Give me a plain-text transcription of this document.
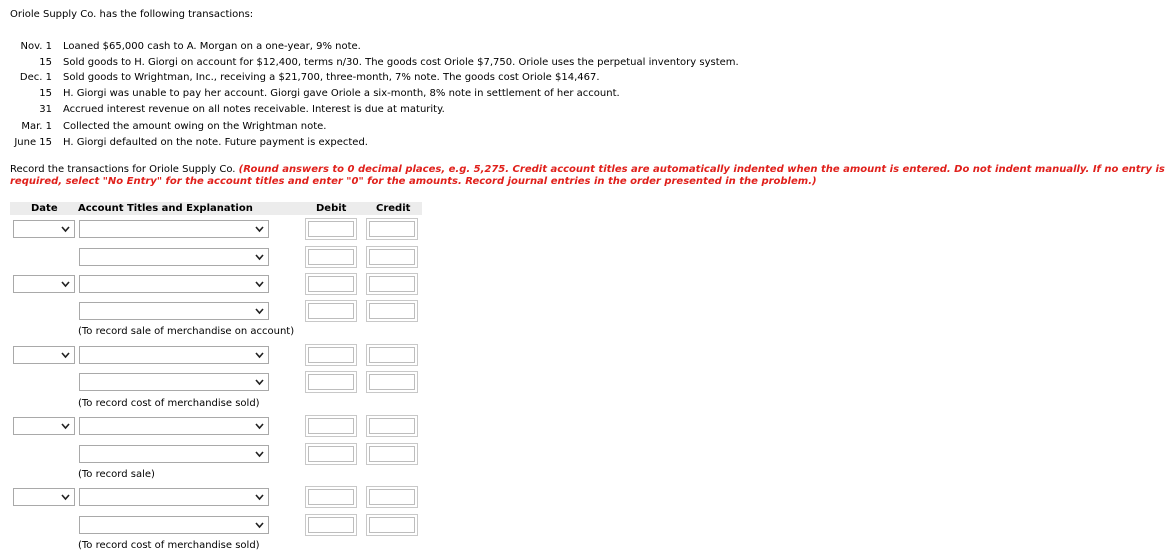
Oriole Supply Co. has the following transactions:
Nov. 1 Loaned $65,000 cash to A. Morgan on a one-year, 9% note.
15 Sold goods to H. Giorgi on account for $12,400, terms n/30. The goods cost Oriole $7,750. Oriole uses the perpetual inventory system.
Dec. 1 Sold goods to Wrightman, Inc., receiving a $21,700, three-month, 7% note. The goods cost Oriole $14,467.
15 H. Giorgi was unable to pay her account. Giorgi gave Oriole a six-month, 8% note in settlement of her account.
31 Accrued interest revenue on all notes receivable. Interest is due at maturity.
Mar. 1 Collected the amount owing on the Wrightman note.
June 15 H. Giorgi defaulted on the note. Future payment is expected.
Record the transactions for Oriole Supply Co. (Round answers to 0 decimal places, e.g. 5,275. Credit account titles are automatically indented when the amount is entered. Do not indent manually. If no entry is required, select "No Entry" for the account titles and enter "0" for the amounts. Record journal entries in the order presented in the problem.)
Date Account Titles and Explanation	Debit	Credit
(To record sale of merchandise on account)
(To record cost of merchandise sold)
(To record sale)
(To record cost of merchandise sold)
